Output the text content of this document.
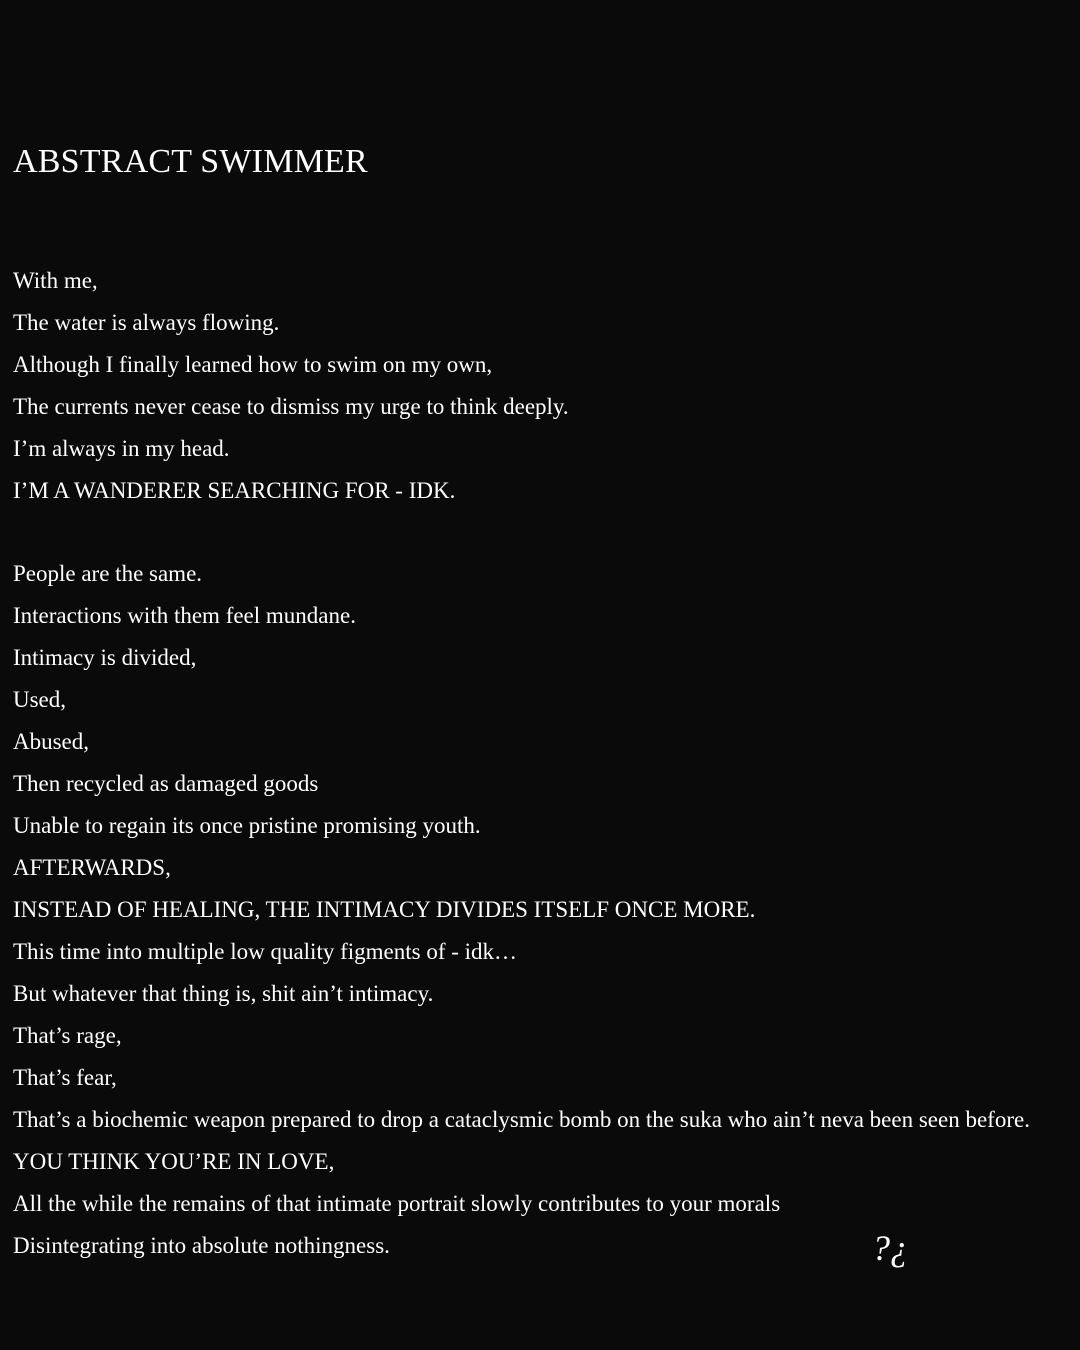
ABSTRACT SWIMMER
With me,
The water is always flowing.
Although I finally learned how to swim on my own,
The currents never cease to dismiss my urge to think deeply.
I’m always in my head.
I’M A WANDERER SEARCHING FOR - IDK.
People are the same.
Interactions with them feel mundane.
Intimacy is divided,
Used,
Abused,
Then recycled as damaged goods
Unable to regain its once pristine promising youth.
AFTERWARDS,
INSTEAD OF HEALING, THE INTIMACY DIVIDES ITSELF ONCE MORE.
This time into multiple low quality figments of - idk…
But whatever that thing is, shit ain’t intimacy.
That’s rage,
That’s fear,
That’s a biochemic weapon prepared to drop a cataclysmic bomb on the suka who ain’t neva been seen before.
YOU THINK YOU’RE IN LOVE,
All the while the remains of that intimate portrait slowly contributes to your morals
Disintegrating into absolute nothingness.	?¿
